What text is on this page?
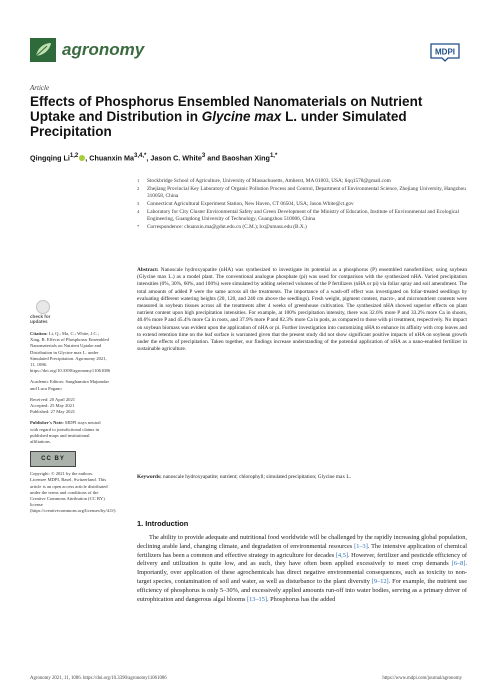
agronomy	MDPI
Article
Effects of Phosphorus Ensembled Nanomaterials on Nutrient Uptake and Distribution in Glycine max L. under Simulated Precipitation
Qingqing Li$^{1,2}$ , Chuanxin $Ma^{3,4,*}$, Jason C. White$^3$ and Baoshan Xing$^{1,*}$
1 Stockbridge School of Agriculture, University of Massachusetts, Amherst, MA 01003, USA; liqq1578@gmail.com
2 Zhejiang Provincial Key Laboratory of Organic Pollution Process and Control, Department of Environmental Science, Zhejiang University, Hangzhou 310058, China
3 Connecticut Agricultural Experiment Station, New Haven, CT 06504, USA; Jason.White@ct.gov
4 Laboratory for City Cluster Environmental Safety and Green Development of the Ministry of Education, Institute of Environmental and Ecological Engineering, Guangdong University of Technology, Guangzhou 510006, China
* Correspondence: chuanxin.ma@gdut.edu.cn (C.M.); bx@umass.edu (B.X.)
check for
updates

Citation: Li, Q.; Ma, C.; White, J.C.; Xing, B. Effects of Phosphorus Ensembled Nanomaterials on Nutrient Uptake and Distribution in Glycine max L. under Simulated Precipitation. Agronomy 2021, 11, 1086. https://doi.org/10.3390/agronomy11061086

Academic Editors: Sanghamitra Majumdar and Luca Pagano

Received: 20 April 2021
Accepted: 25 May 2021
Published: 27 May 2021

Publisher's Note: MDPI stays neutral with regard to jurisdictional claims in published maps and institutional affiliations.

CC BY

Copyright: © 2021 by the authors. Licensee MDPI, Basel, Switzerland. This article is an open access article distributed under the terms and conditions of the Creative Commons Attribution (CC BY) license (https://creativecommons.org/licenses/by/4.0/).

Abstract: Nanoscale hydroxyapatite (nHA) was synthesized to investigate its potential as a phosphorus (P) ensembled nanofertilizer, using soybean (Glycine max L.) as a model plant. The conventional analogue phosphate (pi) was used for comparison with the synthesized nHA. Varied precipitation intensities (0%, 30%, 60%, and 100%) were simulated by adding selected volumes of the P fertilizers (nHA or pi) via foliar spray and soil amendment. The total amounts of added P were the same across all the treatments. The importance of a wash-off effect was investigated on foliar-treated seedlings by evaluating different watering heights (20, 120, and 240 cm above the seedlings). Fresh weight, pigment content, macro-, and micronutrient contents were measured in soybean tissues across all the treatments after 4 weeks of greenhouse cultivation. The synthesized nHA showed superior effects on plant nutrient content upon high precipitation intensities. For example, at 100% precipitation intensity, there was 32.6% more P and 33.2% more Ca in shoots, 40.6% more P and 45.4% more Ca in roots, and 37.9% more P and 82.3% more Ca in pods, as compared to those with pi treatment, respectively. No impact on soybean biomass was evident upon the application of nHA or pi. Further investigation into customizing nHA to enhance its affinity with crop leaves and to extend retention time on the leaf surface is warranted given that the present study did not show significant positive impacts of nHA on soybean growth under the effects of precipitation. Taken together, our findings increase understanding of the potential application of nHA as a nano-enabled fertilizer in sustainable agriculture.
Keywords: nanoscale hydroxyapatite; nutrient; chlorophyll; simulated precipitation; Glycine max L.
1. Introduction
The ability to provide adequate and nutritional food worldwide will be challenged by the rapidly increasing global population, declining arable land, changing climate, and degradation of environmental resources [1–3]. The intensive application of chemical fertilizers has been a common and effective strategy in agriculture for decades [4,5]. However, fertilizer and pesticide efficiency of delivery and utilization is quite low, and as such, they have often been applied excessively to meet crop demands [6–8]. Importantly, over application of these agrochemicals has direct negative environmental consequences, such as toxicity to non-target species, contamination of soil and water, as well as disturbance to the plant diversity [9–12]. For example, the nutrient use efficiency of phosphorus is only 5–30%, and excessively applied amounts run-off into water bodies, serving as a primary driver of eutrophication and dangerous algal blooms [13–15]. Phosphorus has the added
Agronomy 2021, 11, 1086. https://doi.org/10.3390/agronomy11061086	https://www.mdpi.com/journal/agronomy
